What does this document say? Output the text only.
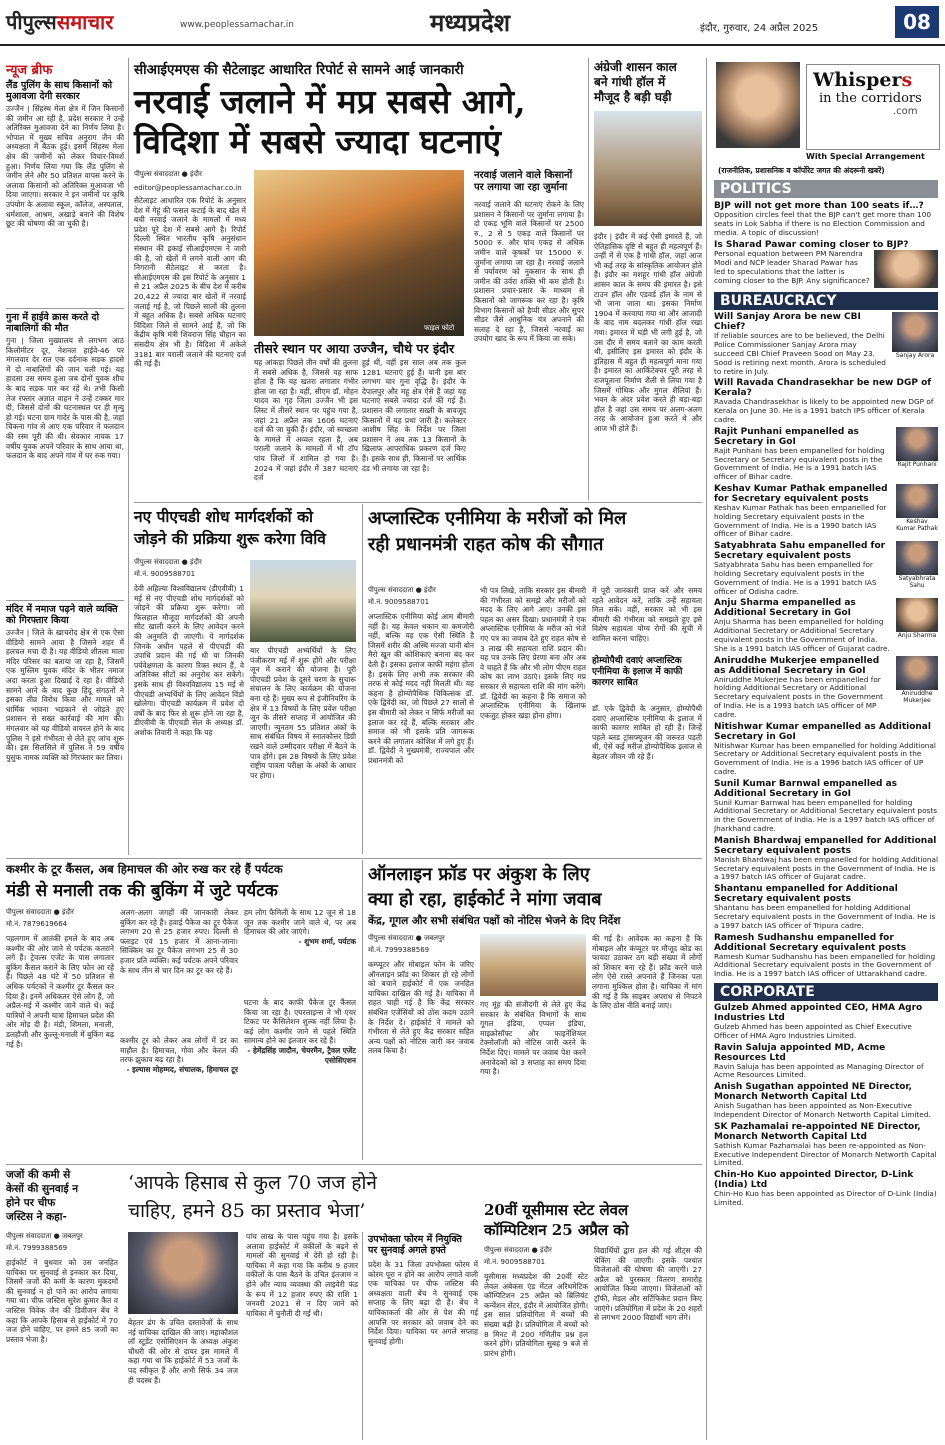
पीपुल्ससमाचार	www.peoplessamachar.in	मध्यप्रदेश	इंदौर, गुरुवार, 24 अप्रैल 2025	08
न्यूज ब्रीफ
लैंड पुलिंग के साथ किसानों को मुआवजा देगी सरकार
उज्जैन | सिंहस्थ मेला क्षेत्र में जिन किसानों की जमीन आ रही है, प्रदेश सरकार ने उन्हें अतिरिक्त मुआवजा देने का निर्णय लिया है। भोपाल में मुख्य सचिव अनुराग जैन की अध्यक्षता में बैठक हुई। इसमें सिंहस्थ मेला क्षेत्र की जमीनों को लेकर विचार-विमर्श हुआ। निर्णय लिया गया कि लैंड पुलिंग से जमीन लेने और 50 प्रतिशत वापस करने के अलावा किसानों को अतिरिक्त मुआवजा भी दिया जाएगा। सरकार ने इन जमीनों पर कृषि उपयोग के अलावा स्कूल, कॉलेज, अस्पताल, धर्मशाला, आश्रम, अखाड़े बनाने की विशेष छूट की घोषणा की जा चुकी है।
गुना में हाईवे क्रास करते दो नाबालिगों की मौत
गुना | जिला मुख्यालय से लगभग आठ किलोमीटर दूर, नेशनल हाईवे-46 पर मंगलवार देर रात एक दर्दनाक सड़क हादसे में दो नाबालिगों की जान चली गई। यह हादसा उस समय हुआ जब दोनों युवक शौच के बाद सड़क पार कर रहे थे। तभी किसी तेज रफ्तार अज्ञात वाहन ने उन्हें टक्कर मार दी, जिससे दोनों की घटनास्थल पर ही मृत्यु हो गई। घटना ग्राम गादेर के पास की है, जहां चिकना गांव से आए एक परिवार ने फलदान की रस्म पूरी की थी। सेवकार नायक 17 वर्षीय युवक अपने परिवार के साथ आया था, फलदान के बाद अपने गांव में घर रुक गया।
मंदिर में नमाज पढ़ने वाले व्यक्ति को गिरफ्तार किया
उज्जैन | जिले के खाचरोद क्षेत्र से एक ऐसा वीडियो सामने आया है जिसने शहर में हलचल मचा दी है। यह वीडियो शीतला माता मंदिर परिसर का बताया जा रहा है, जिसमें एक मुस्लिम युवक मंदिर के भीतर नमाज अदा करता हुआ दिखाई दे रहा है। वीडियो सामने आने के बाद कुछ हिंदू संगठनों ने इसका तीव्र विरोध किया और मामले को धार्मिक भावना भड़काने से जोड़ते हुए प्रशासन से सख्त कार्रवाई की मांग की। मंगलवार को यह वीडियो वायरल होने के बाद पुलिस ने इसे गंभीरता से लेते हुए जांच शुरू की। इस सिलसिले में पुलिस ने 59 वर्षीय युसुफ नामक व्यक्ति को गिरफ्तार कर लिया।
सीआईएमएस की सैटेलाइट आधारित रिपोर्ट से सामने आई जानकारी
नरवाई जलाने में मप्र सबसे आगे,
विदिशा में सबसे ज्यादा घटनाएं
पीपुल्स संवाददाता ● इंदौर
editor@peoplessamachar.co.in
सैटेलाइट आधारित एक रिपोर्ट के अनुसार देश में गेहूं की फसल कटाई के बाद खेत में बची नरवाई जलाने के मामलों में मध्य प्रदेश पूरे देश में सबसे आगे है। रिपोर्ट दिल्ली स्थित भारतीय कृषि अनुसंधान संस्थान की इकाई सीआईएमएस ने जारी की है, जो खेतों में लगने वाली आग की निगरानी सैटेलाइट से करता है। सीआईएमएस की इस रिपोर्ट के अनुसार 1 से 21 अप्रैल 2025 के बीच देश में करीब 20,422 से ज्यादा बार खेतों में नरवाई जलाई गई है, जो पिछले सालों की तुलना में बहुत अधिक है। सबसे अधिक घटनाएं विदिशा जिले से सामने आई हैं, जो कि केंद्रीय कृषि मंत्री शिवराज सिंह चौहान का संसदीय क्षेत्र भी है। विदिशा में अकेले 3181 बार पराली जलाने की घटनाएं दर्ज की गई हैं।
फाइल फोटो
तीसरे स्थान पर आया उज्जैन, चौथे पर इंदौर
यह आंकड़ा पिछले तीन वर्षों की तुलना में सबसे अधिक है, जिससे यह साफ होता है कि यह खतरा लगातार गंभीर होता जा रहा है। वहीं, सीएम डॉ. मोहन यादव का गृह जिला उज्जैन भी इस लिस्ट में तीसरे स्थान पर पहुंच गया है, जहां 21 अप्रैल तक 1606 घटनाएं दर्ज की जा चुकी हैं। इंदौर, जो स्वच्छता के मामले में अव्वल रहता है, अब पराली जलाने के मामलों में भी टॉप पांच जिलों में शामिल हो गया है। 2024 में जहां इंदौर में 387 घटनाएं दर्ज
हुई थीं, वहीं इस साल अब तक कुल 1281 घटनाएं हुई हैं। यानी इस बार लगभग चार गुना वृद्धि है। इंदौर के देपालपुर और महू क्षेत्र ऐसे हैं जहां यह घटनाएं सबसे ज्यादा दर्ज की गई हैं। प्रशासन की लगातार सख्ती के बावजूद किसानों में यह प्रथा जारी है। कलेक्टर आशीष सिंह के निर्देश पर जिला प्रशासन ने अब तक 13 किसानों के खिलाफ आपराधिक प्रकरण दर्ज किए हैं। इसके साथ ही, किसानों पर आर्थिक दंड भी लगाया जा रहा है।
नरवाई जलाने वाले किसानों पर लगाया जा रहा जुर्माना
नरवाई जलाने की घटनाएं रोकने के लिए प्रशासन ने किसानों पर जुर्माना लगाया है। दो एकड़ भूमि वाले किसानों पर 2500 रु., 2 से 5 एकड़ वाले किसानों पर 5000 रु. और पांच एकड़ से अधिक जमीन वाले कृषकों पर 15000 रु. जुर्माना लगाया जा रहा है। नरवाई जलाने से पर्यावरण को नुकसान के साथ ही जमीन की उर्वरा शक्ति भी कम होती है। प्रशासन प्रचार-प्रसार के माध्यम से किसानों को जागरूक कर रहा है। कृषि विभाग किसानों को हैप्पी सीडर और सुपर सीडर जैसे आधुनिक यंत्र अपनाने की सलाह दे रहा है, जिससे नरवाई का उपयोग खाद के रूप में किया जा सके।
अंग्रेजी शासन काल
बने गांधी हॉल में
मौजूद है बड़ी घड़ी
इंदौर | इंदौर में कई ऐसी इमारतें हैं, जो ऐतिहासिक दृष्टि से बहुत ही महत्वपूर्ण हैं। उन्हीं में से एक है गांधी हॉल, जहां आज भी कई तरह के सांस्कृतिक आयोजन होते हैं। इंदौर का मशहूर गांधी हॉल अंग्रेजी शासन काल के समय की इमारत है। इसे टाउन हॉल और एडवर्ड हॉल के नाम से भी जाना जाता था। इसका निर्माण 1904 में करवाया गया था और आजादी के बाद नाम बदलकर गांधी हॉल रखा गया। इमारत में घड़ी भी लगी हुई है, जो उस दौर में समय बताने का काम करती थी, इसीलिए इस इमारत को इंदौर के इतिहास में बहुत ही महत्वपूर्ण माना गया है। इमारत का आर्किटेक्चर पूरी तरह से राजपूताना निर्माण शैली से लिया गया है जिसमें गोथिक और मुगल शैलियां हैं। भवन के अंदर प्रवेश करते ही बड़ा-बड़ा हॉल है जहां उस समय पर अलग-अलग तरह के आयोजन हुआ करते थे और आज भी होते हैं।
नए पीएचडी शोध मार्गदर्शकों को
जोड़ने की प्रक्रिया शुरू करेगा विवि
पीपुल्स संवाददाता ● इंदौर
मो.नं. 9009588701
देवी अहिल्या विश्वविद्यालय (डीएवीवी) 1 मई से नए पीएचडी शोध मार्गदर्शकों को जोड़ने की प्रक्रिया शुरू करेगा। जो फिलहाल मौजूदा मार्गदर्शकों की अपनी सीट खाली करने के लिए आवेदन करने की अनुमति दी जाएगी। ये मार्गदर्शक जिनके अधीन पहले से पीएचडी की उपाधि प्रदान की गई थी या जिनकी पर्यवेक्षणता के कारण रिक्त स्थान हैं, वे अतिरिक्त सीटों का अनुरोध कर सकेंगे। इसके साथ ही विश्वविद्यालय 15 मई से पीएचडी अभ्यर्थियों के लिए आवेदन विंडो खोलेगा। पीएचडी कार्यक्रम में प्रवेश दो वर्षों के बाद फिर से शुरू होने जा रहा है, डीएवीवी के पीएचडी सेल के अध्यक्ष डॉ. अशोक तिवारी ने कहा कि यह
बार पीएचडी अभ्यर्थियों के लिए पंजीकरण मई में शुरू होंगे और परीक्षा जून में कराने की योजना है। पूरी पीएचडी प्रवेश के दूसरे चरण के सुचारू संचालन के लिए कार्यक्रम की योजना बना रहे हैं। मुख्य रूप से इंजीनियरिंग के क्षेत्र में 13 विषयों के लिए प्रवेश परीक्षा जून के तीसरे सप्ताह में आयोजित की जाएगी। न्यूनतम 55 प्रतिशत अंकों के साथ संबंधित विषय में स्नातकोत्तर डिग्री रखने वाले उम्मीदवार परीक्षा में बैठने के पात्र होंगे। इस 28 विषयों के लिए प्रवेश राष्ट्रीय पात्रता परीक्षा के अंकों के आधार पर होगा।
अप्लास्टिक एनीमिया के मरीजों को मिल
रही प्रधानमंत्री राहत कोष की सौगात
पीपुल्स संवाददाता ● इंदौर
मो.नं. 9009588701
अप्लास्टिक एनीमिया कोई आम बीमारी नहीं है। यह केवल थकान या कमजोरी नहीं, बल्कि यह एक ऐसी स्थिति है जिसमें शरीर की अस्थि मज्जा यानी बोन मैरो खून की कोशिकाएं बनाना बंद कर देती है। इसका इलाज काफी महंगा होता है। इसके लिए अभी तक सरकार की तरफ से कोई मदद नहीं मिलती थी। यह कहना है होम्योपैथिक चिकित्सक डॉ. एके द्विवेदी का, जो पिछले 27 सालों से इस बीमारी को लेकर न सिर्फ मरीजों का इलाज कर रहे हैं, बल्कि सरकार और समाज को भी इसके प्रति जागरूक करने की लगातार कोशिश में लगे हुए हैं। डॉ. द्विवेदी ने मुख्यमंत्री, राज्यपाल और प्रधानमंत्री को
भी पत्र लिखे, ताकि सरकार इस बीमारी की गंभीरता को समझे और मरीजों को मदद के लिए आगे आए। उनकी इस पहल का असर दिखा। प्रधानमंत्री ने एक अप्लास्टिक एनीमिया के मरीज को भेजे गए पत्र का जवाब देते हुए राहत कोष से 3 लाख की सहायता राशि प्रदान की। यह पत्र उनके लिए प्रेरणा बना और अब वे चाहते हैं कि और भी लोग पीएम राहत कोष का लाभ उठाएं। इसके लिए मप्र सरकार से सहायता राशि की मांग करेंगे। डॉ. द्विवेदी का कहना है कि समाज को अप्लास्टिक एनीमिया के खिलाफ एकजुट होकर खड़ा होना होगा।
में पूरी जानकारी प्राप्त करें और समय रहते आवेदन करें, ताकि उन्हें सहायता मिल सके। वहीं, सरकार को भी इस बीमारी की गंभीरता को समझते हुए इसे विशेष सहायता योग्य रोगों की सूची में शामिल करना चाहिए।
होम्योपैथी दवाएं अप्लास्टिक एनीमिया के इलाज में काफी कारगर साबित
डॉ. एके द्विवेदी के अनुसार, होम्योपैथी दवाएं अप्लास्टिक एनीमिया के इलाज में काफी कारगर साबित हो रही हैं। जिन्हें पहले ब्लड ट्रांसफ्यूजन की जरूरत पड़ती थी, ऐसे कई मरीज होम्योपैथिक इलाज से बेहतर जीवन जी रहे हैं।
कश्मीर के टूर कैंसल, अब हिमाचल की ओर रुख कर रहे हैं पर्यटक
मंडी से मनाली तक की बुकिंग में जुटे पर्यटक
पीपुल्स संवाददाता ● इंदौर
मो.नं. 7879619664
पहलगाम में आतंकी हमले के बाद अब कश्मीर की ओर जाने से पर्यटक कतराने लगे हैं। ट्रेवल्स एजेंट के पास लगातार बुकिंग कैंसल कराने के लिए फोन आ रहे हैं। पिछले 48 घंटे में 50 प्रतिशत से अधिक पर्यटकों ने कश्मीर टूर कैंसल कर दिया है। इनमें अधिकतर ऐसे लोग हैं, जो अप्रैल-मई में कश्मीर जाने वाले थे। कई यात्रियों ने अपनी यात्रा हिमाचल प्रदेश की ओर मोड़ दी है। मंडी, शिमला, मनाली, डलहौजी और कुल्लू-मनाली में बुकिंग बढ़ गई है।
अलग-अलग जगहों की जानकारी लेकर बुकिंग कर रहे हैं। हवाई पैकेज का टूर पैकेज लगभग 20 से 25 हजार रुपए। दिल्ली से फ्लाइट एवं 15 हजार में आना-जाना। सिक्किम का टूर पैकेज लगभग 25 से 30 हजार प्रति व्यक्ति। कई पर्यटक अपने परिवार के साथ तीन से चार दिन का टूर कर रहे हैं।
कश्मीर टूर को लेकर अब लोगों में डर का माहौल है। हिमाचल, गोवा और केरल की तरफ झुकाव बढ़ रहा है।
- इल्यास मोहम्मद, संचालक, हिमाचल टूर
हम लोग फैमिली के साथ 12 जून से 18 जून तक कश्मीर जाने वाले थे, पर अब हिमाचल की ओर जाएंगे।
- शुभम शर्मा, पर्यटक
घटना के बाद काफी पैकेज टूर कैंसल किया जा रहा है। एयरलाइन्स ने भी एयर टिकट पर कैंसिलेशन शुल्क नहीं लिया है। कई लोग कश्मीर जाने से पहले स्थिति सामान्य होने का इंतजार कर रहे हैं।
- हेमेंद्रसिंह जादौन, चेयरमैन, ट्रैवल एजेंट एसोसिएशन
ऑनलाइन फ्रॉड पर अंकुश के लिए
क्या हो रहा, हाईकोर्ट ने मांगा जवाब
केंद्र, गूगल और सभी संबंधित पक्षों को नोटिस भेजने के दिए निर्देश
पीपुल्स संवाददाता ● जबलपुर
मो.नं. 7999388569
कम्प्यूटर और मोबाइल फोन के जरिए ऑनलाइन फ्रॉड का शिकार हो रहे लोगों को बचाने हाईकोर्ट में एक जनहित याचिका दाखिल की गई है। याचिका में राहत चाही गई है कि केंद्र सरकार संबंधित एजेंसियों को ठोस कदम उठाने के निर्देश दे। हाईकोर्ट ने मामले को गंभीरता से लेते हुए केंद्र सरकार सहित अन्य पक्षों को नोटिस जारी कर जवाब तलब किया है।
गए मूंह की संजीदगी से लेते हुए केंद्र सरकार के संबंधित विभागों के साथ गूगल इंडिया, एप्पल इंडिया, माइक्रोसॉफ्ट और फाइनेंशियल टेक्नोलॉजी को नोटिस जारी करने के निर्देश दिए। मामले पर जवाब पेश करने अनावेदकों को 3 सप्ताह का समय दिया गया है।
की गई है। आवेदक का कहना है कि मोबाइल और कंप्यूटर पर मौजूद कोड का फायदा उठाकर ठग बड़ी संख्या में लोगों को शिकार बना रहे हैं। फ्रॉड करने वाले लोग ऐसे रास्ते अपनाते हैं जिनका पता लगाना मुश्किल होता है। याचिका में मांग की गई है कि साइबर अपराध से निपटने के लिए ठोस नीति बनाई जाए।
जजों की कमी से
केसों की सुनवाई न
होने पर चीफ
जस्टिस ने कहा-
‘आपके हिसाब से कुल 70 जज होने
चाहिए, हमने 85 का प्रस्ताव भेजा’
पीपुल्स संवाददाता ● जबलपुर
मो.नं. 7999388569
हाईकोर्ट ने बुधवार को उस जनहित याचिका पर सुनवाई से इनकार कर दिया, जिसमें जजों की कमी के कारण मुकदमों की सुनवाई न हो पाने का आरोप लगाया गया था। चीफ जस्टिस सुरेश कुमार कैत व जस्टिस विवेक जैन की डिवीजन बेंच ने कहा कि आपके हिसाब से हाईकोर्ट में 70 जज होने चाहिए, पर हमने 85 जजों का प्रस्ताव भेजा है।
बेहतर ढंग के उचित दस्तावेजों के साथ नई याचिका दाखिल की जाए। महाकौशल लॉ स्टूडेंट एसोसिएशन के अध्यक्ष अंकुश चौधरी की ओर से दायर इस मामले में कहा गया था कि हाईकोर्ट में 53 जजों के पद स्वीकृत हैं और अभी सिर्फ 34 जज ही पदस्थ हैं।
पांच लाख के पास पहुंच गया है। इसके अलावा हाईकोर्ट में वकीलों के बढ़ने से मामलों की सुनवाई में देरी हो रही है। याचिका में कहा गया कि करीब 9 हजार वकीलों के पास बैठने के उचित इंतजाम न होने और न्याय व्यवस्था की लाइवेरी फंड के रूप में 12 हजार रुपए की राशि 1 जनवरी 2021 से न दिए जाने को याचिका में चुनौती दी गई थी।
उपभोक्ता फोरम में नियुक्ति
पर सुनवाई अगले हफ्ते
प्रदेश के 31 जिला उपभोक्ता फोरम में कोरम पूरा न होने का आरोप लगाते वाली एक याचिका पर चीफ जस्टिस की अध्यक्षता वाली बेंच ने सुनवाई एक सप्ताह के लिए बढ़ा दी है। बेंच ने याचिकाकर्ता की ओर से पेश की गई आपत्ति पर सरकार को जवाब देने का निर्देश दिया। याचिका पर अगले सप्ताह सुनवाई होगी।
20वीं यूसीमास स्टेट लेवल
कॉम्पिटिशन 25 अप्रैल को
पीपुल्स संवाददाता ● इंदौर
मो.नं. 9009588701
यूसीमास मध्यप्रदेश की 20वीं स्टेट लेवल अबेकस एंड मेंटल अरिथमेटिक कॉम्पिटिशन 25 अप्रैल को ब्रिलियंट कन्वेंशन सेंटर, इंदौर में आयोजित होगी। इस साल प्रतियोगिता में बच्चों की संख्या बढ़ी है। प्रतियोगिता में बच्चों को 8 मिनट में 200 गणितीय प्रश्न हल करने होंगे। प्रतियोगिता सुबह 9 बजे से प्रारंभ होगी।
विद्यार्थियों द्वारा हल की गई शीट्स की चेकिंग की जाएगी। इसके पश्चात विजेताओं की घोषणा की जाएगी। 27 अप्रैल को पुरस्कार वितरण समारोह आयोजित किया जाएगा। विजेताओं को ट्रॉफी, मेडल और सर्टिफिकेट प्रदान किए जाएंगे। प्रतियोगिता में प्रदेश के 20 शहरों से लगभग 2000 विद्यार्थी भाग लेंगे।
Whispers
in the corridors
.com
With Special Arrangement
(राजनीतिक, प्रशासनिक व कॉर्पोरेट जगत की अंदरूनी खबरें)
POLITICS
BJP will not get more than 100 seats if…?
Opposition circles feel that the BJP can't get more than 100 seats in Lok Sabha if there is no Election Commission and media. A topic of discussion!
Is Sharad Pawar coming closer to BJP?
Personal equation between PM Narendra Modi and NCP leader Sharad Pawar has led to speculations that the latter is coming closer to the BJP. Any significance?
BUREAUCRACY
Will Sanjay Arora be new CBI Chief?
If reliable sources are to be believed, the Delhi Police Commissioner Sanjay Arora may succeed CBI Chief Praveen Sood on May 23. Sood is retiring next month. Arora is scheduled to retire in July.
Sanjay Arora
Will Ravada Chandrasekhar be new DGP of Kerala?
Ravada Chandrasekhar is likely to be appointed new DGP of Kerala on June 30. He is a 1991 batch IPS officer of Kerala cadre.
Rajit Punhani empanelled as Secretary in GoI
Rajit Punhani has been empanelled for holding Secretary or Secretary equivalent posts in the Government of India. He is a 1991 batch IAS officer of Bihar cadre.
Rajit Punhani
Keshav Kumar Pathak empanelled for Secretary equivalent posts
Keshav Kumar Pathak has been empanelled for holding Secretary equivalent posts in the Government of India. He is a 1990 batch IAS officer of Bihar cadre.
Keshav Kumar Pathak
Satyabhrata Sahu empanelled for Secretary equivalent posts
Satyabhrata Sahu has been empanelled for holding Secretary equivalent posts in the Government of India. He is a 1991 batch IAS officer of Odisha cadre.
Satyabhrata Sahu
Anju Sharma empanelled as Additional Secretary in GoI
Anju Sharma has been empanelled for holding Additional Secretary or Additional Secretary equivalent posts in the Government of India. She is a 1991 batch IAS officer of Gujarat cadre.
Anju Sharma
Aniruddhe Mukerjee empanelled as Additional Secretary in GoI
Aniruddhe Mukerjee has been empanelled for holding Additional Secretary or Additional Secretary equivalent posts in the Government of India. He is a 1993 batch IAS officer of MP cadre.
Aniruddhe Mukerjee
Nitishwar Kumar empanelled as Additional Secretary in GoI
Nitishwar Kumar has been empanelled for holding Additional Secretary or Additional Secretary equivalent posts in the Government of India. He is a 1996 batch IAS officer of UP cadre.
Sunil Kumar Barnwal empanelled as Additional Secretary in GoI
Sunil Kumar Barnwal has been empanelled for holding Additional Secretary or Additional Secretary equivalent posts in the Government of India. He is a 1997 batch IAS officer of Jharkhand cadre.
Manish Bhardwaj empanelled for Additional Secretary equivalent posts
Manish Bhardwaj has been empanelled for holding Additional Secretary equivalent posts in the Government of India. He is a 1997 batch IAS officer of Gujarat cadre.
Shantanu empanelled for Additional Secretary equivalent posts
Shantanu has been empanelled for holding Additional Secretary equivalent posts in the Government of India. He is a 1997 batch IAS officer of Tripura cadre.
Ramesh Sudhanshu empanelled for Additional Secretary equivalent posts
Ramesh Kumar Sudhanshu has been empanelled for holding Additional Secretary equivalent posts in the Government of India. He is a 1997 batch IAS officer of Uttarakhand cadre.
CORPORATE
Gulzeb Ahmed appointed CEO, HMA Agro Industries Ltd
Gulzeb Ahmed has been appointed as Chief Executive Officer of HMA Agro Industries Limited.
Ravin Saluja appointed MD, Acme Resources Ltd
Ravin Saluja has been appointed as Managing Director of Acme Resources Limited.
Anish Sugathan appointed NE Director, Monarch Networth Capital Ltd
Anish Sugathan has been appointed as Non-Executive Independent Director of Monarch Networth Capital Limited.
SK Pazhamalai re-appointed NE Director, Monarch Networth Capital Ltd
Sathish Kumar Pazhamalai has been re-appointed as Non-Executive Independent Director of Monarch Networth Capital Limited.
Chin-Ho Kuo appointed Director, D-Link (India) Ltd
Chin-Ho Kuo has been appointed as Director of D-Link (India) Limited.
